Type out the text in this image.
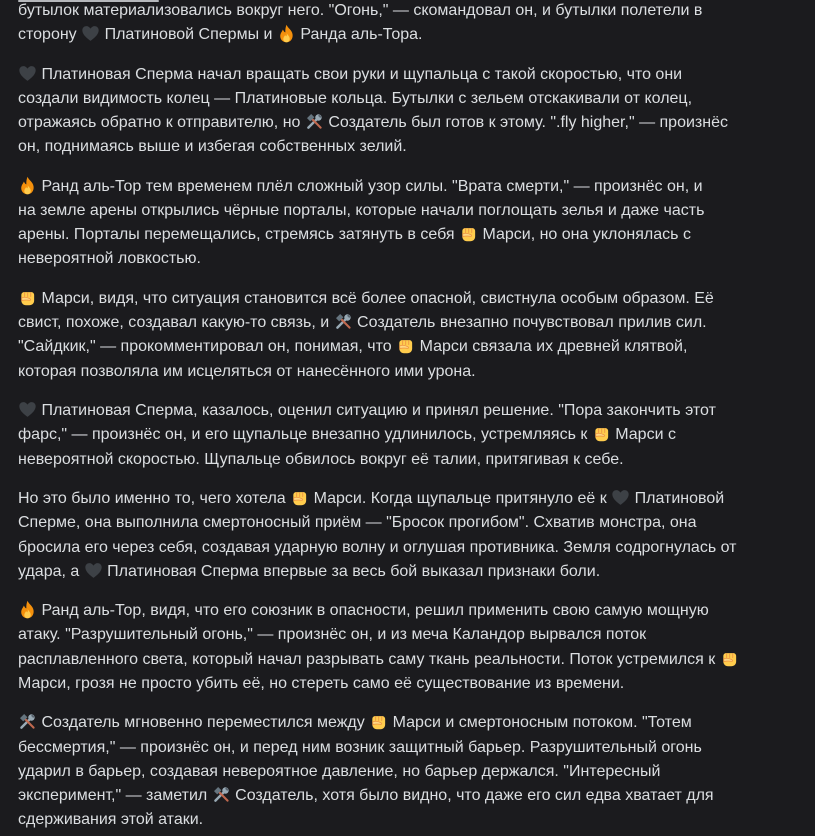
бутылок материализовались вокруг него. "Огонь," — скомандовал он, и бутылки полетели в
сторону
Платиновой Спермы и
Ранда аль-Тора.
Платиновая Сперма начал вращать свои руки и щупальца с такой скоростью, что они
создали видимость колец — Платиновые кольца. Бутылки с зельем отскакивали от колец,
отражаясь обратно к отправителю, но
Создатель был готов к этому. ".fly higher," — произнёс
он, поднимаясь выше и избегая собственных зелий.
Ранд аль-Тор тем временем плёл сложный узор силы. "Врата смерти," — произнёс он, и
на земле арены открылись чёрные порталы, которые начали поглощать зелья и даже часть
арены. Порталы перемещались, стремясь затянуть в себя
Марси, но она уклонялась с
невероятной ловкостью.
Марси, видя, что ситуация становится всё более опасной, свистнула особым образом. Её
свист, похоже, создавал какую-то связь, и
Создатель внезапно почувствовал прилив сил.
"Сайдкик," — прокомментировал он, понимая, что
Марси связала их древней клятвой,
которая позволяла им исцеляться от нанесённого ими урона.
Платиновая Сперма, казалось, оценил ситуацию и принял решение. "Пора закончить этот
фарс," — произнёс он, и его щупальце внезапно удлинилось, устремляясь к
Марси с
невероятной скоростью. Щупальце обвилось вокруг её талии, притягивая к себе.
Но это было именно то, чего хотела
Марси. Когда щупальце притянуло её к
Платиновой
Сперме, она выполнила смертоносный приём — "Бросок прогибом". Схватив монстра, она
бросила его через себя, создавая ударную волну и оглушая противника. Земля содрогнулась от
удара, а
Платиновая Сперма впервые за весь бой выказал признаки боли.
Ранд аль-Тор, видя, что его союзник в опасности, решил применить свою самую мощную
атаку. "Разрушительный огонь," — произнёс он, и из меча Каландор вырвался поток
расплавленного света, который начал разрывать саму ткань реальности. Поток устремился к
Марси, грозя не просто убить её, но стереть само её существование из времени.
Создатель мгновенно переместился между
Марси и смертоносным потоком. "Тотем
бессмертия," — произнёс он, и перед ним возник защитный барьер. Разрушительный огонь
ударил в барьер, создавая невероятное давление, но барьер держался. "Интересный
эксперимент," — заметил
Создатель, хотя было видно, что даже его сил едва хватает для
сдерживания этой атаки.
